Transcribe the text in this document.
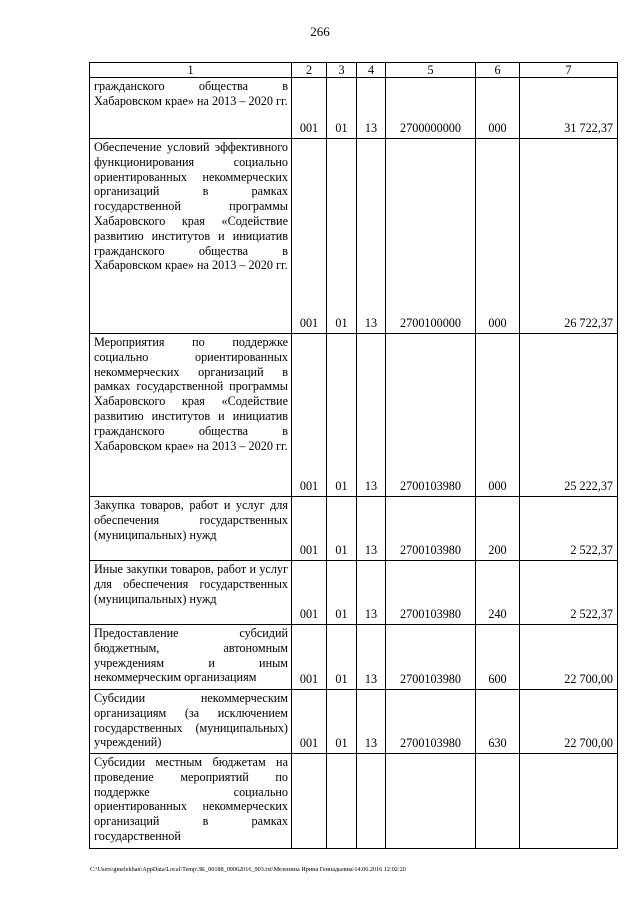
266
1	2	3	4	5	6	7
гражданского общества в Хабаровском крае» на 2013 – 2020 гг.	001	01	13	2700000000	000	31 722,37
Обеспечение условий эффективного функционирования социально ориентированных некоммерческих организаций в рамках государственной программы Хабаровского края «Содействие развитию институтов и инициатив гражданского общества в Хабаровском крае» на 2013 – 2020 гг.	001	01	13	2700100000	000	26 722,37
Мероприятия по поддержке социально ориентированных некоммерческих организаций в рамках государственной программы Хабаровского края «Содействие развитию институтов и инициатив гражданского общества в Хабаровском крае» на 2013 – 2020 гг.	001	01	13	2700103980	000	25 222,37
Закупка товаров, работ и услуг для обеспечения государственных (муниципальных) нужд	001	01	13	2700103980	200	2 522,37
Иные закупки товаров, работ и услуг для обеспечения государственных (муниципальных) нужд	001	01	13	2700103980	240	2 522,37
Предоставление субсидий бюджетным, автономным учреждениям и иным некоммерческим организациям	001	01	13	2700103980	600	22 700,00
Субсидии некоммерческим организациям (за исключением государственных (муниципальных) учреждений)	001	01	13	2700103980	630	22 700,00
Субсидии местным бюджетам на проведение мероприятий по поддержке социально ориентированных некоммерческих организаций в рамках государственной						
C:\Users\gmelekhan\AppData\Local\Temp\ЗК_00188_09062016_903.txt\Мезенина Ирина Геннадьевна\14.06.2016 12:02:20
